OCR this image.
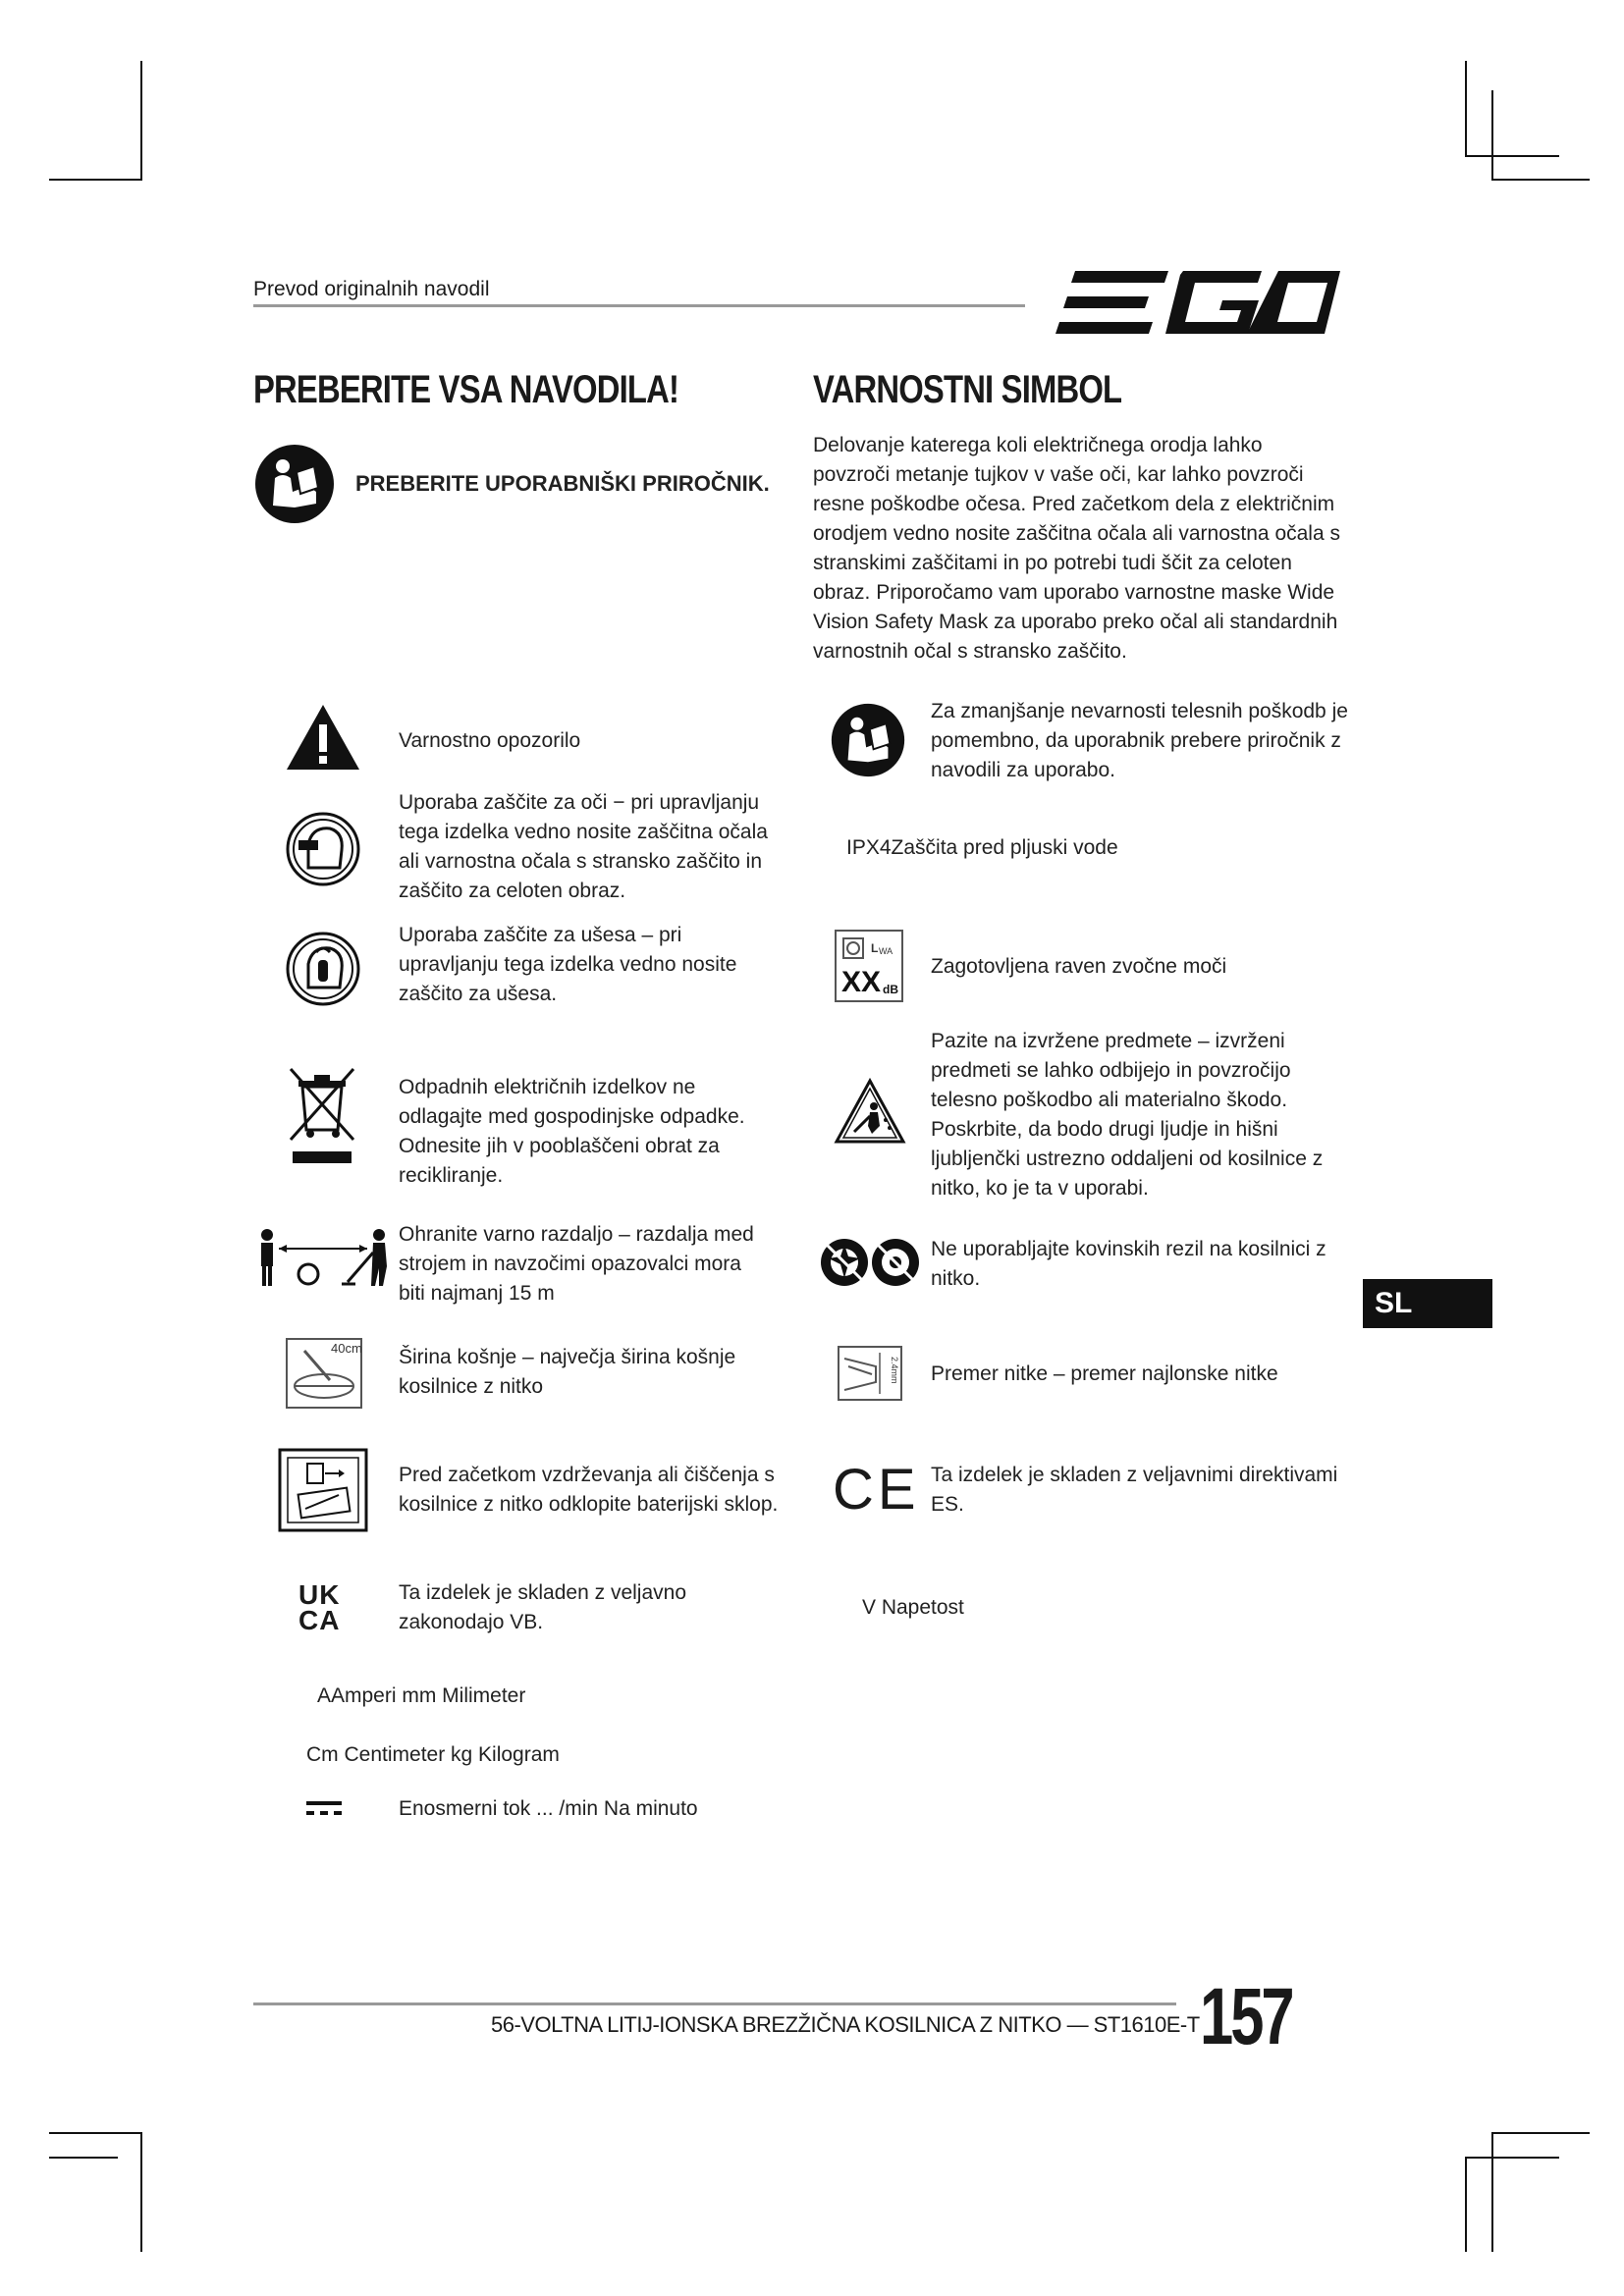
Prevod originalnih navodil
EGO
PREBERITE VSA NAVODILA!
PREBERITE UPORABNIŠKI PRIROČNIK.
Varnostno opozorilo
Uporaba zaščite za oči − pri upravljanju tega izdelka vedno nosite zaščitna očala ali varnostna očala s stransko zaščito in zaščito za celoten obraz.
Uporaba zaščite za ušesa – pri upravljanju tega izdelka vedno nosite zaščito za ušesa.
Odpadnih električnih izdelkov ne odlagajte med gospodinjske odpadke. Odnesite jih v pooblaščeni obrat za recikliranje.
Ohranite varno razdaljo – razdalja med strojem in navzočimi opazovalci mora biti najmanj 15 m
40cm Širina košnje – največja širina košnje kosilnice z nitko
Pred začetkom vzdrževanja ali čiščenja s kosilnice z nitko odklopite baterijski sklop.
UK CA
Ta izdelek je skladen z veljavno zakonodajo VB.
AAmperi mm Milimeter
Cm Centimeter kg Kilogram
Enosmerni tok ... /min Na minuto
VARNOSTNI SIMBOL
Delovanje katerega koli električnega orodja lahko povzroči metanje tujkov v vaše oči, kar lahko povzroči resne poškodbe očesa. Pred začetkom dela z električnim orodjem vedno nosite zaščitna očala ali varnostna očala s stranskimi zaščitami in po potrebi tudi ščit za celoten obraz. Priporočamo vam uporabo varnostne maske Wide Vision Safety Mask za uporabo preko očal ali standardnih varnostnih očal s stransko zaščito.
Za zmanjšanje nevarnosti telesnih poškodb je pomembno, da uporabnik prebere priročnik z navodili za uporabo.
IPX4Zaščita pred pljuski vode
L WA
XX dB
Zagotovljena raven zvočne moči
Pazite na izvržene predmete – izvrženi predmeti se lahko odbijejo in povzročijo telesno poškodbo ali materialno škodo. Poskrbite, da bodo drugi ljudje in hišni ljubljenčki ustrezno oddaljeni od kosilnice z nitko, ko je ta v uporabi.
Ne uporabljajte kovinskih rezil na kosilnici z nitko.
2.4mm Premer nitke – premer najlonske nitke
CE Ta izdelek je skladen z veljavnimi direktivami ES.
V Napetost
SL
56-VOLTNA LITIJ-IONSKA BREZŽIČNA KOSILNICA Z NITKO — ST1610E-T 157
